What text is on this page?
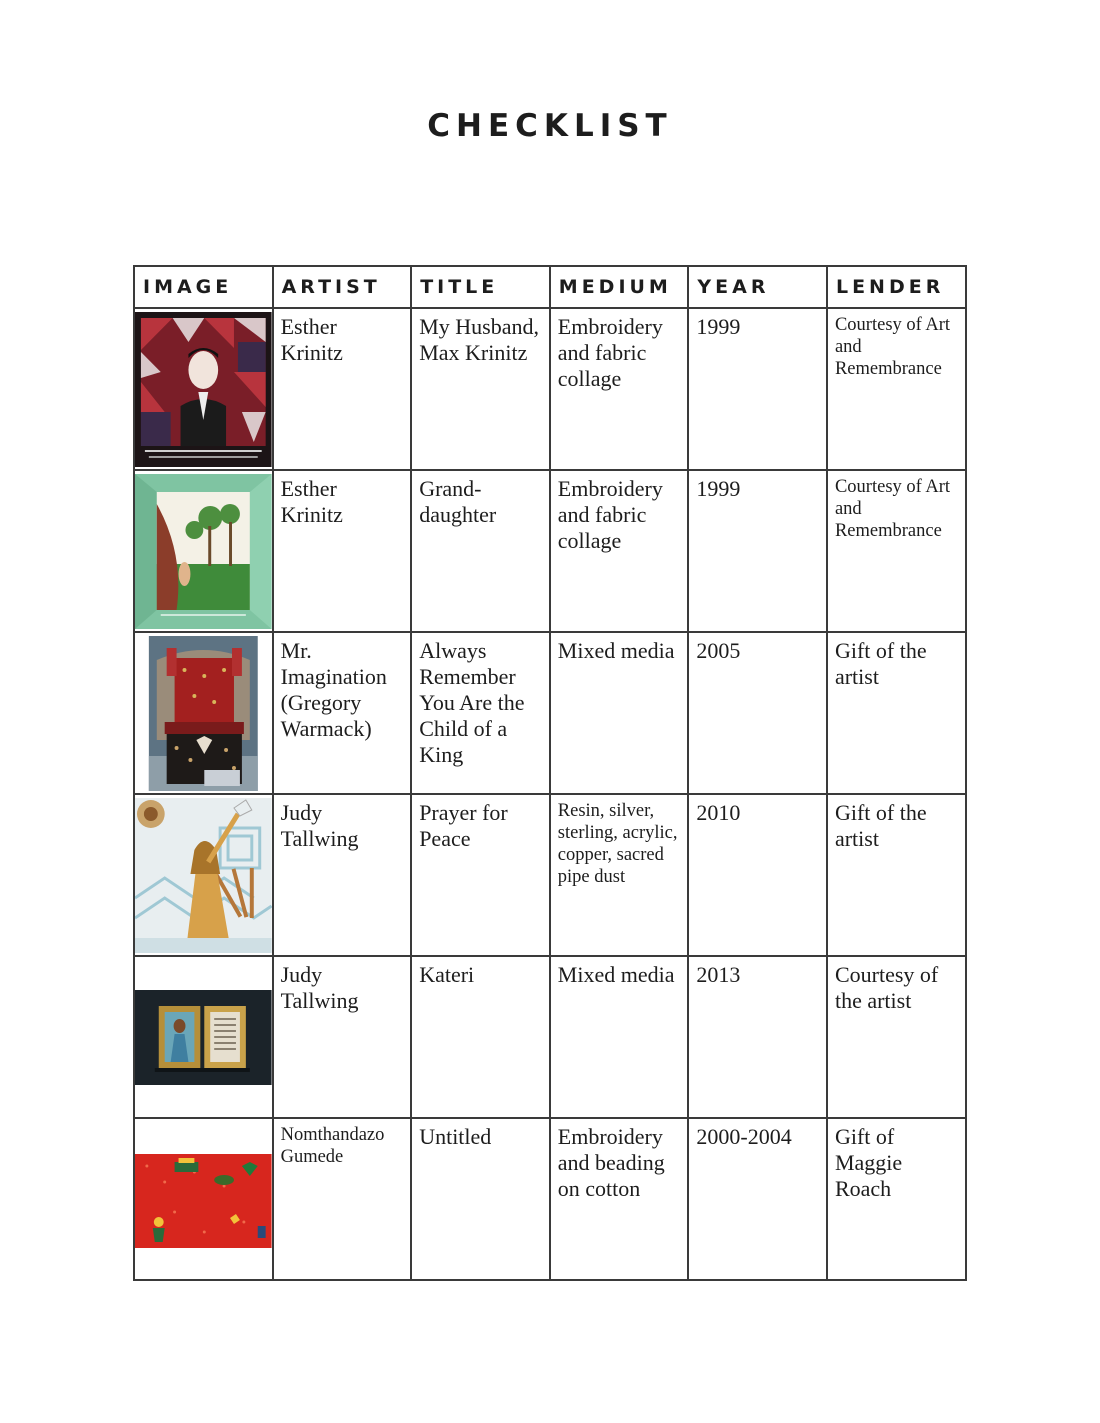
CHECKLIST
IMAGE	ARTIST	TITLE	MEDIUM	YEAR	LENDER

	Esther Krinitz	My Husband, Max Krinitz	Embroidery and fabric collage	1999	Courtesy of Art and Remembrance

	Esther Krinitz	Grand-daughter	Embroidery and fabric collage	1999	Courtesy of Art and Remembrance

	Mr. Imagination (Gregory Warmack)	Always Remember You Are the Child of a King	Mixed media	2005	Gift of the artist

	Judy Tallwing	Prayer for Peace	Resin, silver, sterling, acrylic, copper, sacred pipe dust	2010	Gift of the artist

	Judy Tallwing	Kateri	Mixed media	2013	Courtesy of the artist

	Nomthandazo Gumede	Untitled	Embroidery and beading on cotton	2000-2004	Gift of Maggie Roach
